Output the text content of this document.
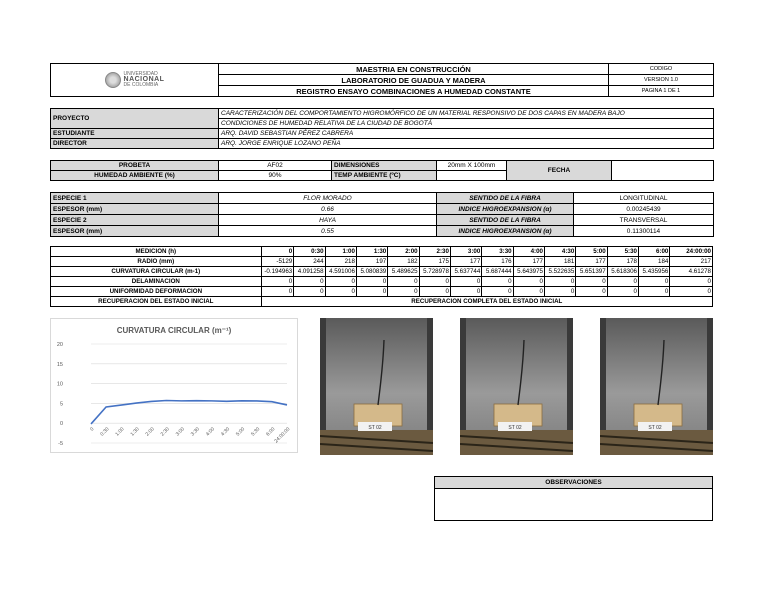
UNIVERSIDAD
NACIONAL
DE COLOMBIA	MAESTRIA EN CONSTRUCCIÓN	CODIGO
	LABORATORIO DE GUADUA Y MADERA	VERSION 1.0
	REGISTRO ENSAYO COMBINACIONES A HUMEDAD CONSTANTE	PAGINA 1 DE 1
PROYECTO	CARACTERIZACIÓN DEL COMPORTAMIENTO HIGROMÓRFICO DE UN MATERIAL RESPONSIVO DE DOS CAPAS EN MADERA BAJO
	CONDICIONES DE HUMEDAD RELATIVA DE LA CIUDAD DE BOGOTÁ
ESTUDIANTE	ARQ. DAVID SEBASTIAN PÉREZ CABRERA
DIRECTOR	ARQ. JORGE ENRIQUE LOZANO PEÑA
PROBETA	AF02	DIMENSIONES	20mm X 100mm	FECHA	
HUMEDAD AMBIENTE (%)	90%	TEMP AMBIENTE (ºC)			
ESPECIE 1	FLOR MORADO	SENTIDO DE LA FIBRA	LONGITUDINAL
ESPESOR (mm)	0.66	INDICE HIGROEXPANSION (α)	0.00245439
ESPECIE 2	HAYA	SENTIDO DE LA FIBRA	TRANSVERSAL
ESPESOR (mm)	0.55	INDICE HIGROEXPANSION (α)	0.11300114
MEDICION (h)	0	0:30	1:00	1:30	2:00	2:30	3:00	3:30	4:00	4:30	5:00	5:30	6:00	24:00:00
RADIO (mm)	-5129	244	218	197	182	175	177	176	177	181	177	178	184	217
CURVATURA CIRCULAR (m-1)	-0.194963	4.091258	4.591006	5.080839	5.489625	5.728978	5.637744	5.687444	5.643975	5.522635	5.651397	5.618306	5.435956	4.61278
DELAMINACION	0	0	0	0	0	0	0	0	0	0	0	0	0	0
UNIFORMIDAD DEFORMACION	0	0	0	0	0	0	0	0	0	0	0	0	0	0
RECUPERACION DEL ESTADO INICIAL	RECUPERACION COMPLETA DEL ESTADO INICIAL													
CURVATURA CIRCULAR (m⁻¹)
20
15
10
5
0
-5
0 0:30 1:00 1:30 2:00 2:30 3:00 3:30 4:00 4:30 5:00 5:30 6:00
24:00:00	ST 02	ST 02	ST 02
OBSERVACIONES
